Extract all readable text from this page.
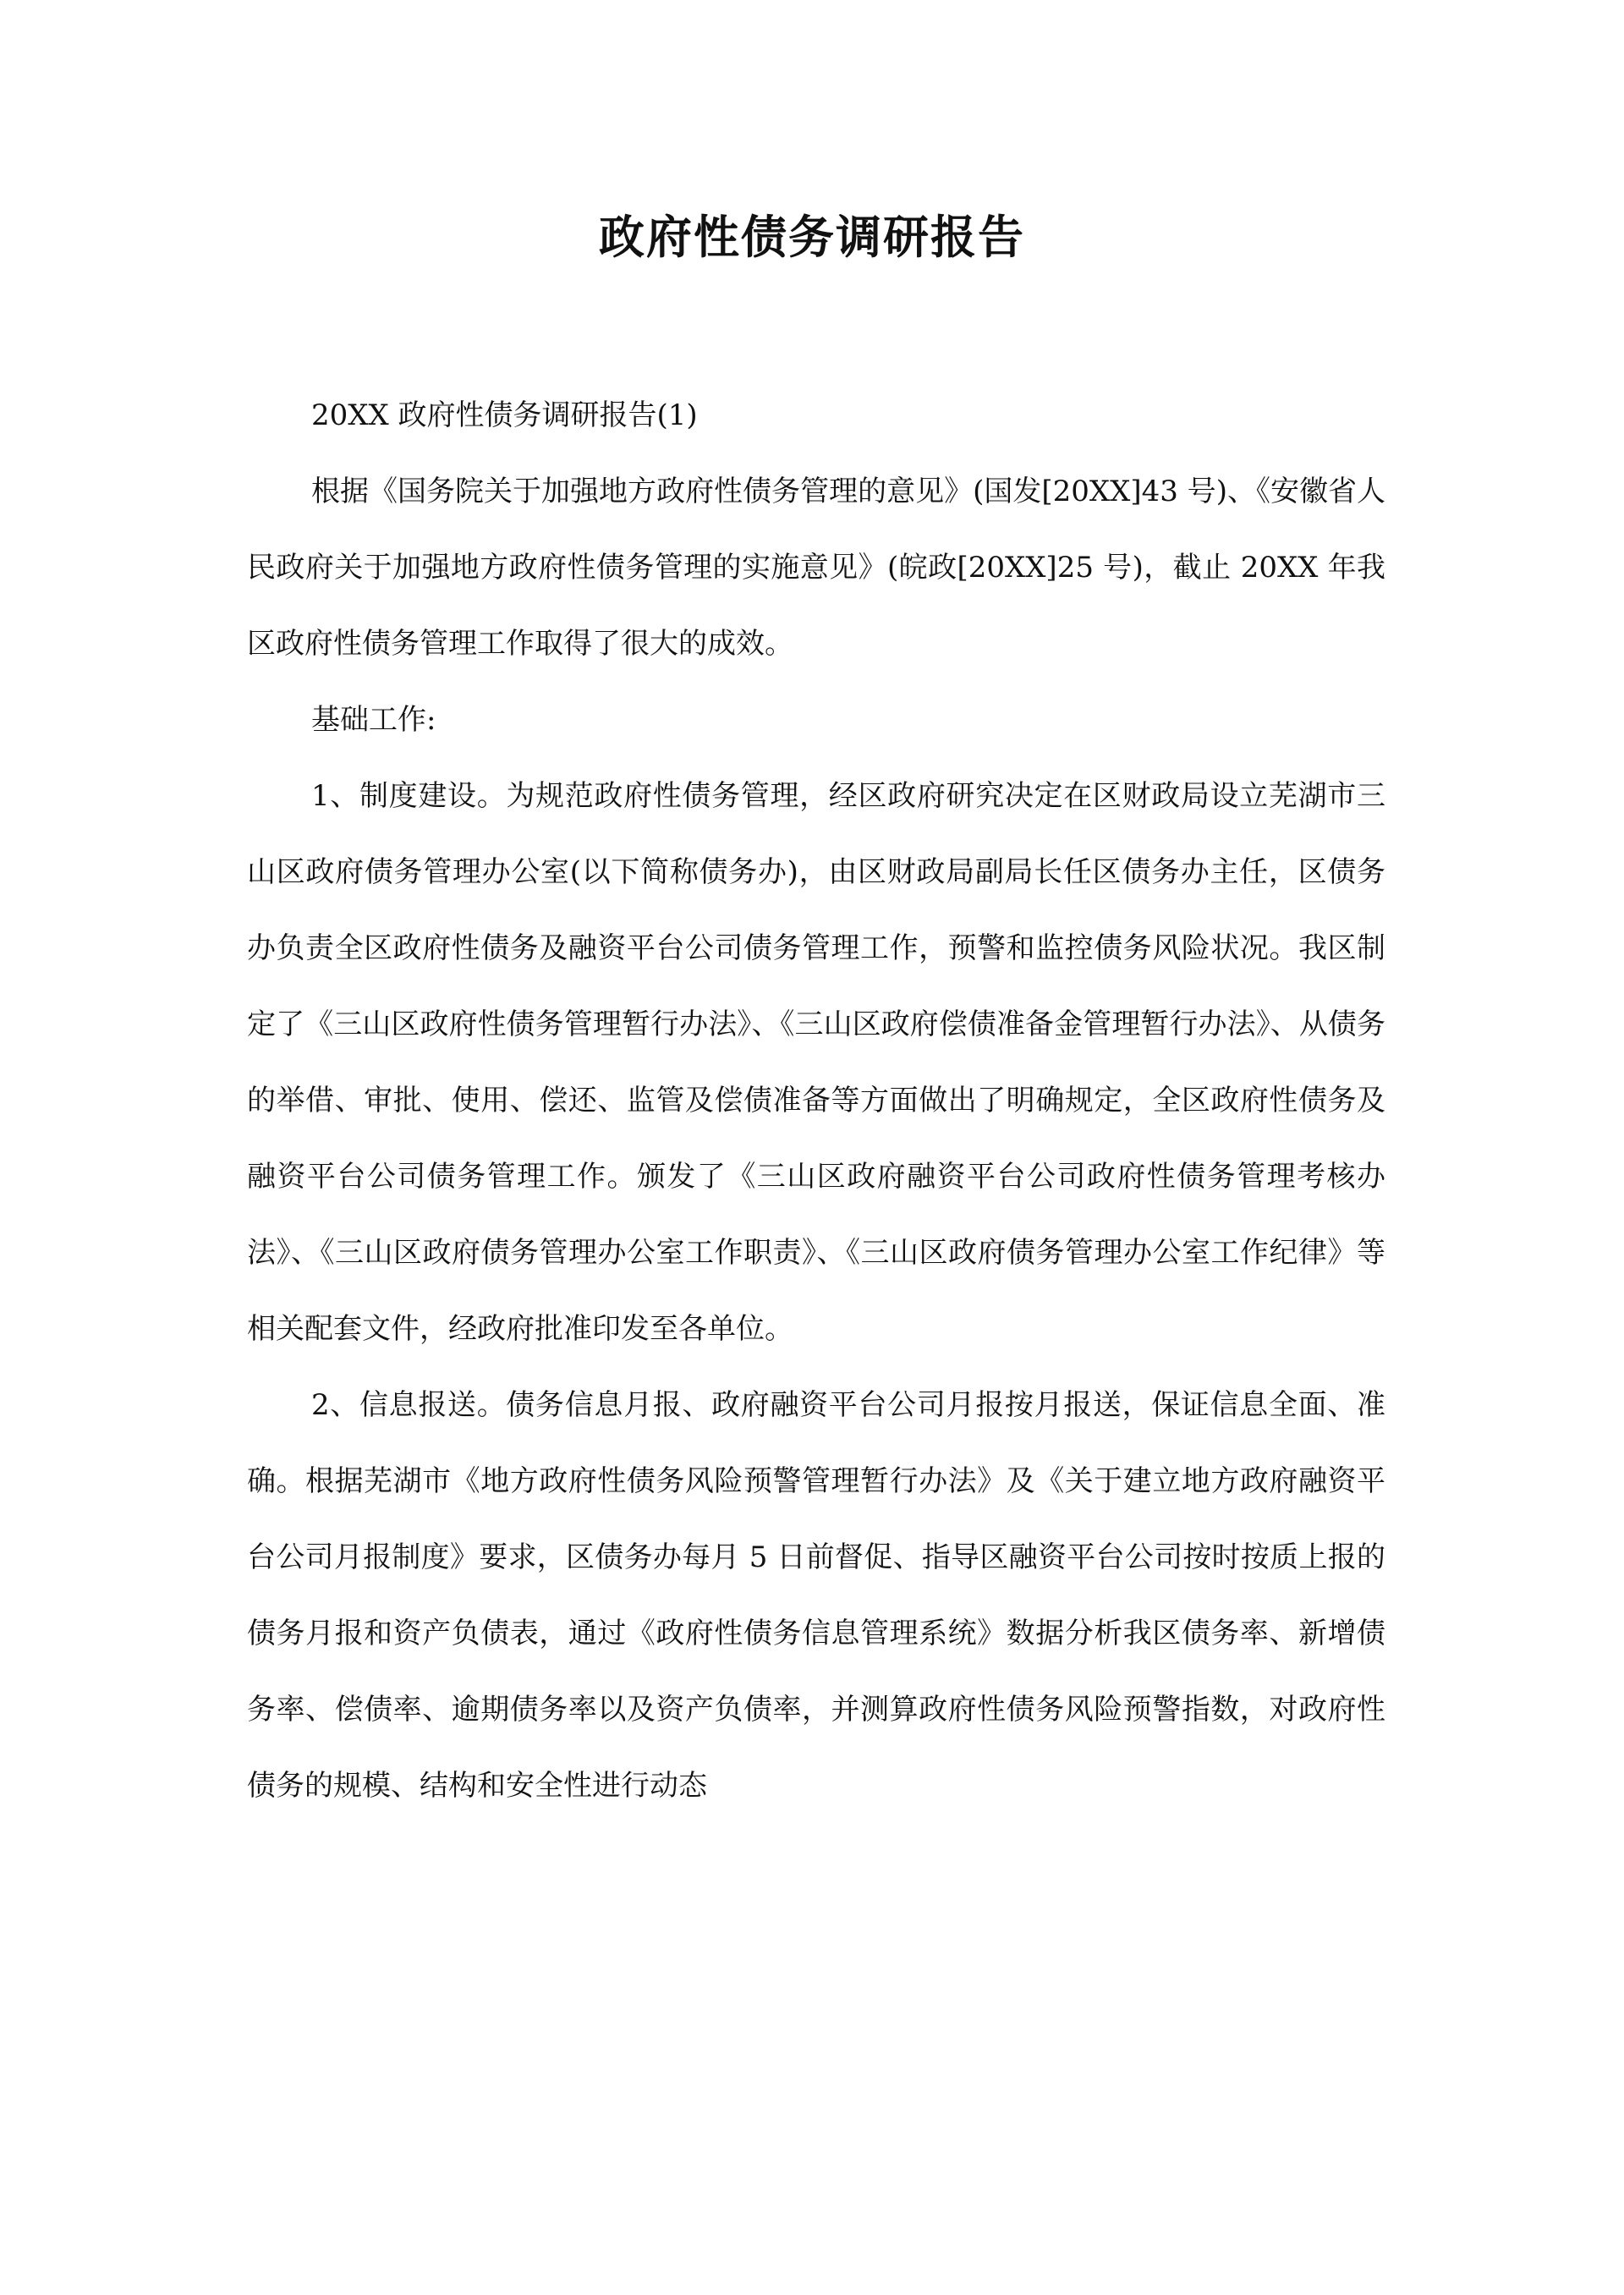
政府性债务调研报告

20XX 政府性债务调研报告(1)

根据《国务院关于加强地方政府性债务管理的意见》(国发[20XX]43 号)、《安徽省人民政府关于加强地方政府性债务管理的实施意见》(皖政[20XX]25 号)，截止 20XX 年我区政府性债务管理工作取得了很大的成效。

基础工作:

1、制度建设。为规范政府性债务管理，经区政府研究决定在区财政局设立芜湖市三山区政府债务管理办公室(以下简称债务办)，由区财政局副局长任区债务办主任，区债务办负责全区政府性债务及融资平台公司债务管理工作，预警和监控债务风险状况。我区制定了《三山区政府性债务管理暂行办法》、《三山区政府偿债准备金管理暂行办法》、从债务的举借、审批、使用、偿还、监管及偿债准备等方面做出了明确规定，全区政府性债务及融资平台公司债务管理工作。颁发了《三山区政府融资平台公司政府性债务管理考核办法》、《三山区政府债务管理办公室工作职责》、《三山区政府债务管理办公室工作纪律》等相关配套文件，经政府批准印发至各单位。

2、信息报送。债务信息月报、政府融资平台公司月报按月报送，保证信息全面、准确。根据芜湖市《地方政府性债务风险预警管理暂行办法》及《关于建立地方政府融资平台公司月报制度》要求，区债务办每月 5 日前督促、指导区融资平台公司按时按质上报的债务月报和资产负债表，通过《政府性债务信息管理系统》数据分析我区债务率、新增债务率、偿债率、逾期债务率以及资产负债率，并测算政府性债务风险预警指数，对政府性债务的规模、结构和安全性进行动态
